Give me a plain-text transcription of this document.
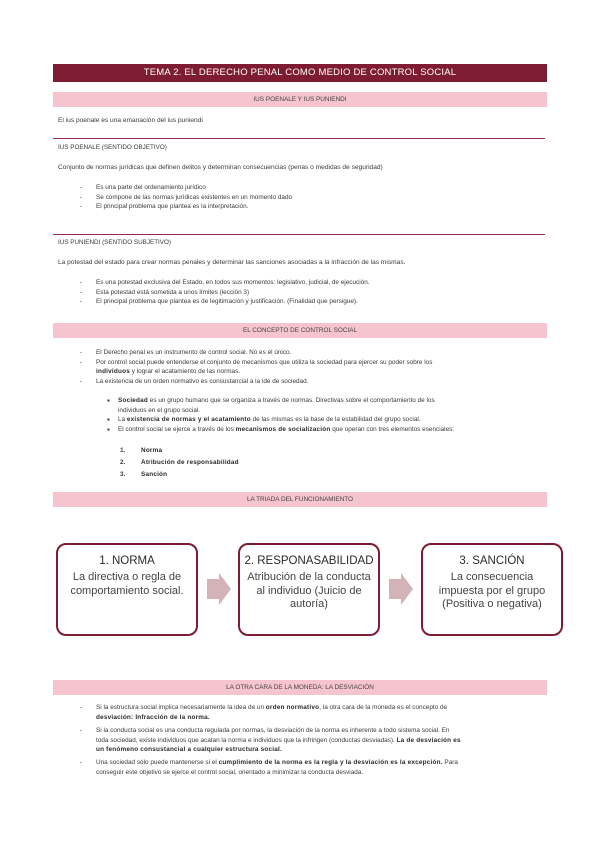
TEMA 2. EL DERECHO PENAL COMO MEDIO DE CONTROL SOCIAL
IUS POENALE Y IUS PUNIENDI
El ius poenale es una emanación del ius puniendi
IUS POENALE (SENTIDO OBJETIVO)
Conjunto de normas jurídicas que definen delitos y determinan consecuencias (penas o medidas de seguridad)
- Es una parte del ordenamiento jurídico
- Se compone de las normas jurídicas existentes en un momento dado
- El principal problema que plantea es la interpretación.
IUS PUNIENDI (SENTIDO SUBJETIVO)
La potestad del estado para crear normas penales y determinar las sanciones asociadas a la infracción de las mismas.
- Es una potestad exclusiva del Estado, en todos sus momentos: legislativo, judicial, de ejecución.
- Esta potestad está sometida a unos límites (lección 3)
- El principal problema que plantea es de legitimación y justificación. (Finalidad que persigue).
EL CONCEPTO DE CONTROL SOCIAL
- El Derecho penal es un instrumento de control social. No es el único.
- Por control social puede entenderse el conjunto de mecanismos que utiliza la sociedad para ejercer su poder sobre los
individuos y lograr el acatamiento de las normas.
- La existencia de un orden normativo es consustancial a la ide de sociedad.
▪ Sociedad es un grupo humano que se organiza a través de normas. Directivas sobre el comportamiento de los
individuos en el grupo social.
▪ La existencia de normas y el acatamiento de las mismas es la base de la estabilidad del grupo social.
▪ El control social se ejerce a través de los mecanismos de socialización que operan con tres elementos esenciales:
1. Norma
2. Atribución de responsabilidad
3. Sanción
LA TRIADA DEL FUNCIONAMIENTO
1. NORMA
La directiva o regla de comportamiento social.
2. RESPONASABILIDAD
Atribución de la conducta al individuo (Juicio de autoría)
3. SANCIÓN
La consecuencia impuesta por el grupo (Positiva o negativa)
LA OTRA CARA DE LA MONEDA: LA DESVIACIÓN
- Si la estructura social implica necesariamente la idea de un orden normativo, la otra cara de la moneda es el concepto de
desviación: Infracción de la norma.
- Si la conducta social es una conducta regulada por normas, la desviación de la norma es inherente a todo sistema social. En
toda sociedad, existe individuos que acatan la norma e individuos que la infringen (conductas desviadas). La de desviación es
un fenómeno consustancial a cualquier estructura social.
- Una sociedad sólo puede mantenerse si el cumplimiento de la norma es la regla y la desviación es la excepción. Para
conseguir este objetivo se ejerce el control social, orientado a minimizar la conducta desviada.
